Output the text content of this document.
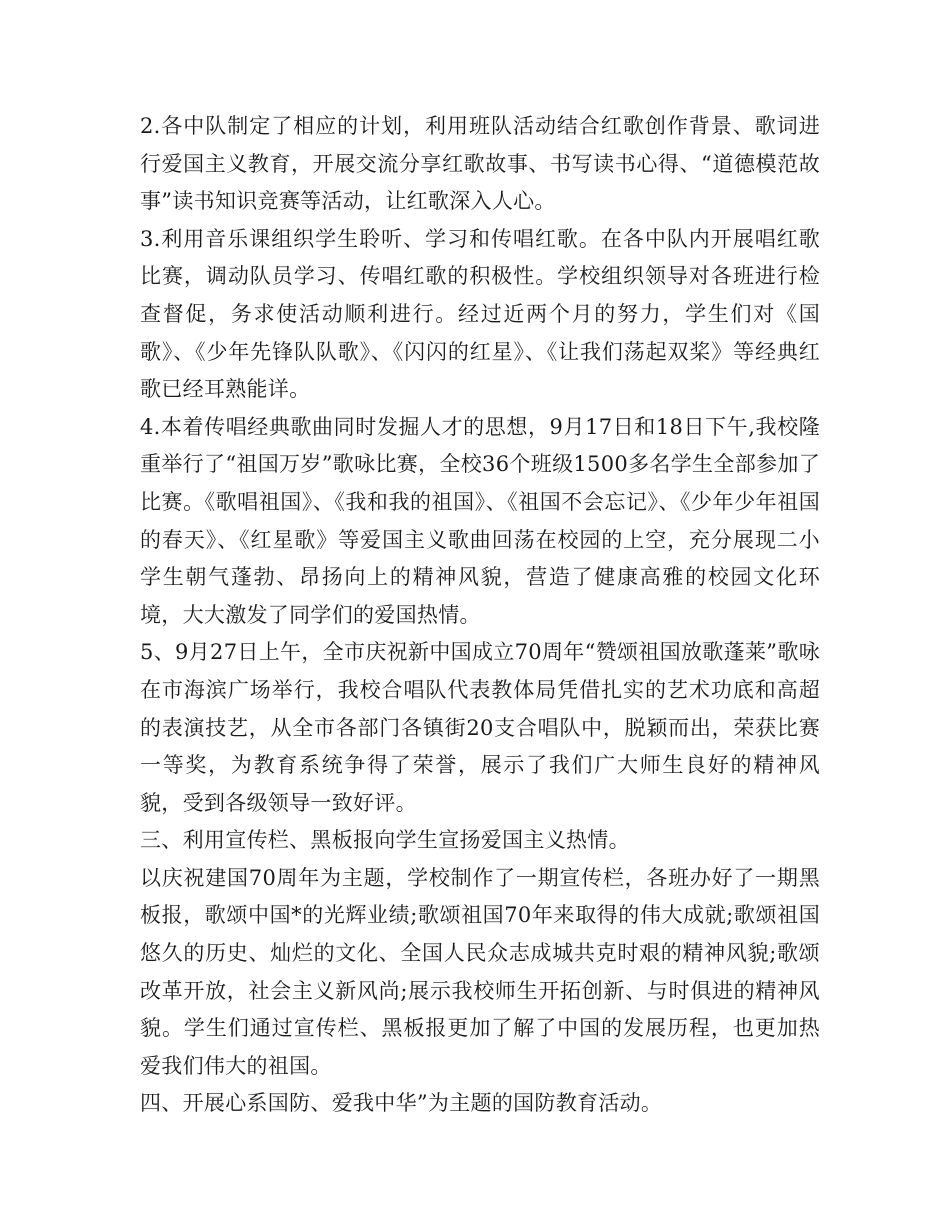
2.各中队制定了相应的计划，利用班队活动结合红歌创作背景、歌词进行爱国主义教育，开展交流分享红歌故事、书写读书心得、“道德模范故事”读书知识竞赛等活动，让红歌深入人心。

3.利用音乐课组织学生聆听、学习和传唱红歌。在各中队内开展唱红歌比赛，调动队员学习、传唱红歌的积极性。学校组织领导对各班进行检查督促，务求使活动顺利进行。经过近两个月的努力，学生们对《国歌》、《少年先锋队队歌》、《闪闪的红星》、《让我们荡起双桨》等经典红歌已经耳熟能详。

4.本着传唱经典歌曲同时发掘人才的思想，9月17日和18日下午,我校隆重举行了“祖国万岁”歌咏比赛，全校36个班级1500多名学生全部参加了比赛。《歌唱祖国》、《我和我的祖国》、《祖国不会忘记》、《少年少年祖国的春天》、《红星歌》等爱国主义歌曲回荡在校园的上空，充分展现二小学生朝气蓬勃、昂扬向上的精神风貌，营造了健康高雅的校园文化环境，大大激发了同学们的爱国热情。

5、9月27日上午，全市庆祝新中国成立70周年“赞颂祖国放歌蓬莱”歌咏在市海滨广场举行，我校合唱队代表教体局凭借扎实的艺术功底和高超的表演技艺，从全市各部门各镇街20支合唱队中，脱颖而出，荣获比赛一等奖，为教育系统争得了荣誉，展示了我们广大师生良好的精神风貌，受到各级领导一致好评。

三、利用宣传栏、黑板报向学生宣扬爱国主义热情。

以庆祝建国70周年为主题，学校制作了一期宣传栏，各班办好了一期黑板报，歌颂中国*的光辉业绩;歌颂祖国70年来取得的伟大成就;歌颂祖国悠久的历史、灿烂的文化、全国人民众志成城共克时艰的精神风貌;歌颂改革开放，社会主义新风尚;展示我校师生开拓创新、与时俱进的精神风貌。学生们通过宣传栏、黑板报更加了解了中国的发展历程，也更加热爱我们伟大的祖国。

四、开展心系国防、爱我中华”为主题的国防教育活动。
